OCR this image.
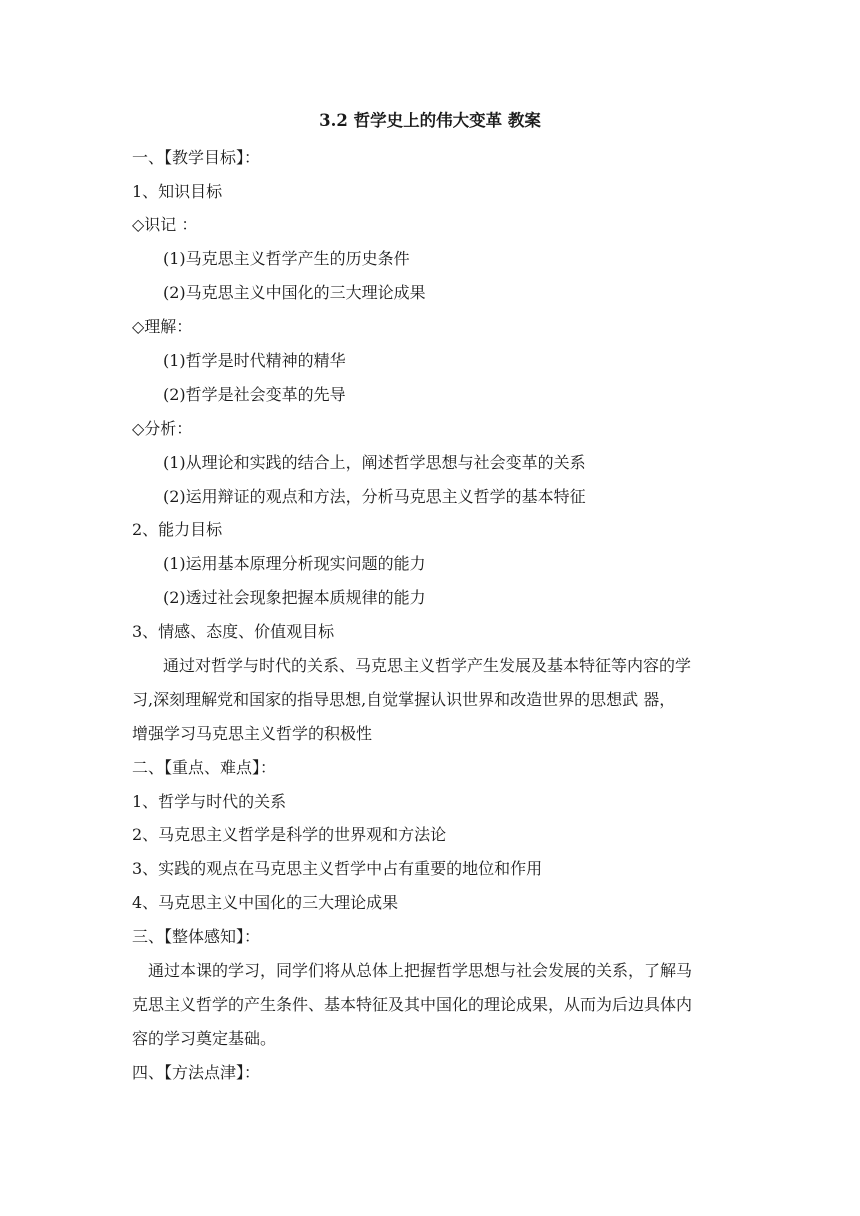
3.2 哲学史上的伟大变革 教案
一、【教学目标】：
1、知识目标
◇识记 ：
(1)马克思主义哲学产生的历史条件
(2)马克思主义中国化的三大理论成果
◇理解：
(1)哲学是时代精神的精华
(2)哲学是社会变革的先导
◇分析：
(1)从理论和实践的结合上，阐述哲学思想与社会变革的关系
(2)运用辩证的观点和方法，分析马克思主义哲学的基本特征
2、能力目标
(1)运用基本原理分析现实问题的能力
(2)透过社会现象把握本质规律的能力
3、情感、态度、价值观目标
通过对哲学与时代的关系、马克思主义哲学产生发展及基本特征等内容的学
习,深刻理解党和国家的指导思想,自觉掌握认识世界和改造世界的思想武 器，
增强学习马克思主义哲学的积极性
二、【重点、难点】：
1、哲学与时代的关系
2、马克思主义哲学是科学的世界观和方法论
3、实践的观点在马克思主义哲学中占有重要的地位和作用
4、马克思主义中国化的三大理论成果
三、【整体感知】：
通过本课的学习，同学们将从总体上把握哲学思想与社会发展的关系，了解马
克思主义哲学的产生条件、基本特征及其中国化的理论成果，从而为后边具体内
容的学习奠定基础。
四、【方法点津】：
